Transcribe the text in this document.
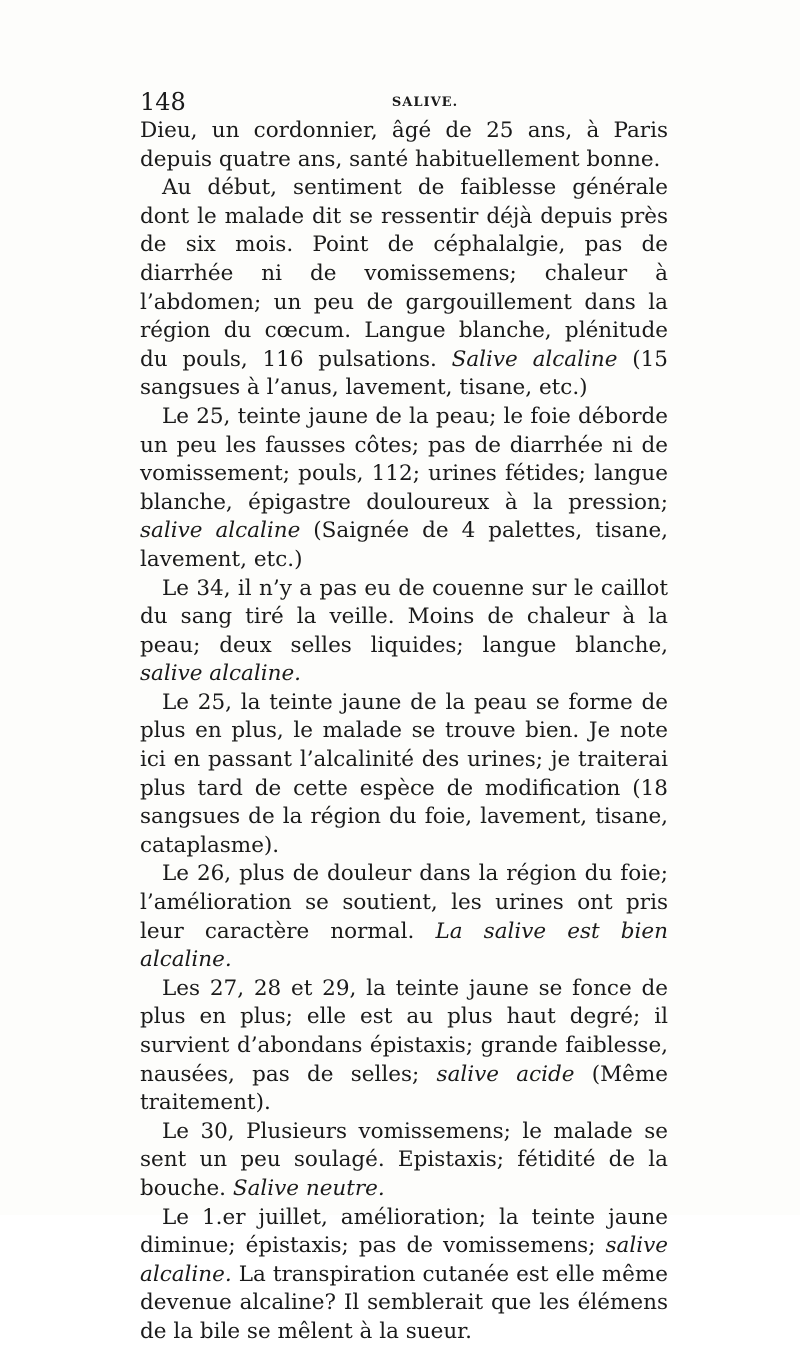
148	SALIVE.

Dieu, un cordonnier, âgé de 25 ans, à Paris depuis quatre ans, santé habituellement bonne.

Au début, sentiment de faiblesse générale dont le malade dit se ressentir déjà depuis près de six mois. Point de céphalalgie, pas de diarrhée ni de vomissemens; chaleur à l’abdomen; un peu de gargouillement dans la région du cœcum. Langue blanche, plénitude du pouls, 116 pulsations. Salive alcaline (15 sangsues à l’anus, lavement, tisane, etc.)

Le 25, teinte jaune de la peau; le foie déborde un peu les fausses côtes; pas de diarrhée ni de vomissement; pouls, 112; urines fétides; langue blanche, épigastre douloureux à la pression; salive alcaline (Saignée de 4 palettes, tisane, lavement, etc.)

Le 34, il n’y a pas eu de couenne sur le caillot du sang tiré la veille. Moins de chaleur à la peau; deux selles liquides; langue blanche, salive alcaline.

Le 25, la teinte jaune de la peau se forme de plus en plus, le malade se trouve bien. Je note ici en passant l’alcalinité des urines; je traiterai plus tard de cette espèce de modification (18 sangsues de la région du foie, lavement, tisane, cataplasme).

Le 26, plus de douleur dans la région du foie; l’amélioration se soutient, les urines ont pris leur caractère normal. La salive est bien alcaline.

Les 27, 28 et 29, la teinte jaune se fonce de plus en plus; elle est au plus haut degré; il survient d’abondans épistaxis; grande faiblesse, nausées, pas de selles; salive acide (Même traitement).

Le 30, Plusieurs vomissemens; le malade se sent un peu soulagé. Epistaxis; fétidité de la bouche. Salive neutre.

Le 1.er juillet, amélioration; la teinte jaune diminue; épistaxis; pas de vomissemens; salive alcaline. La transpiration cutanée est elle même devenue alcaline? Il semblerait que les élémens de la bile se mêlent à la sueur.
